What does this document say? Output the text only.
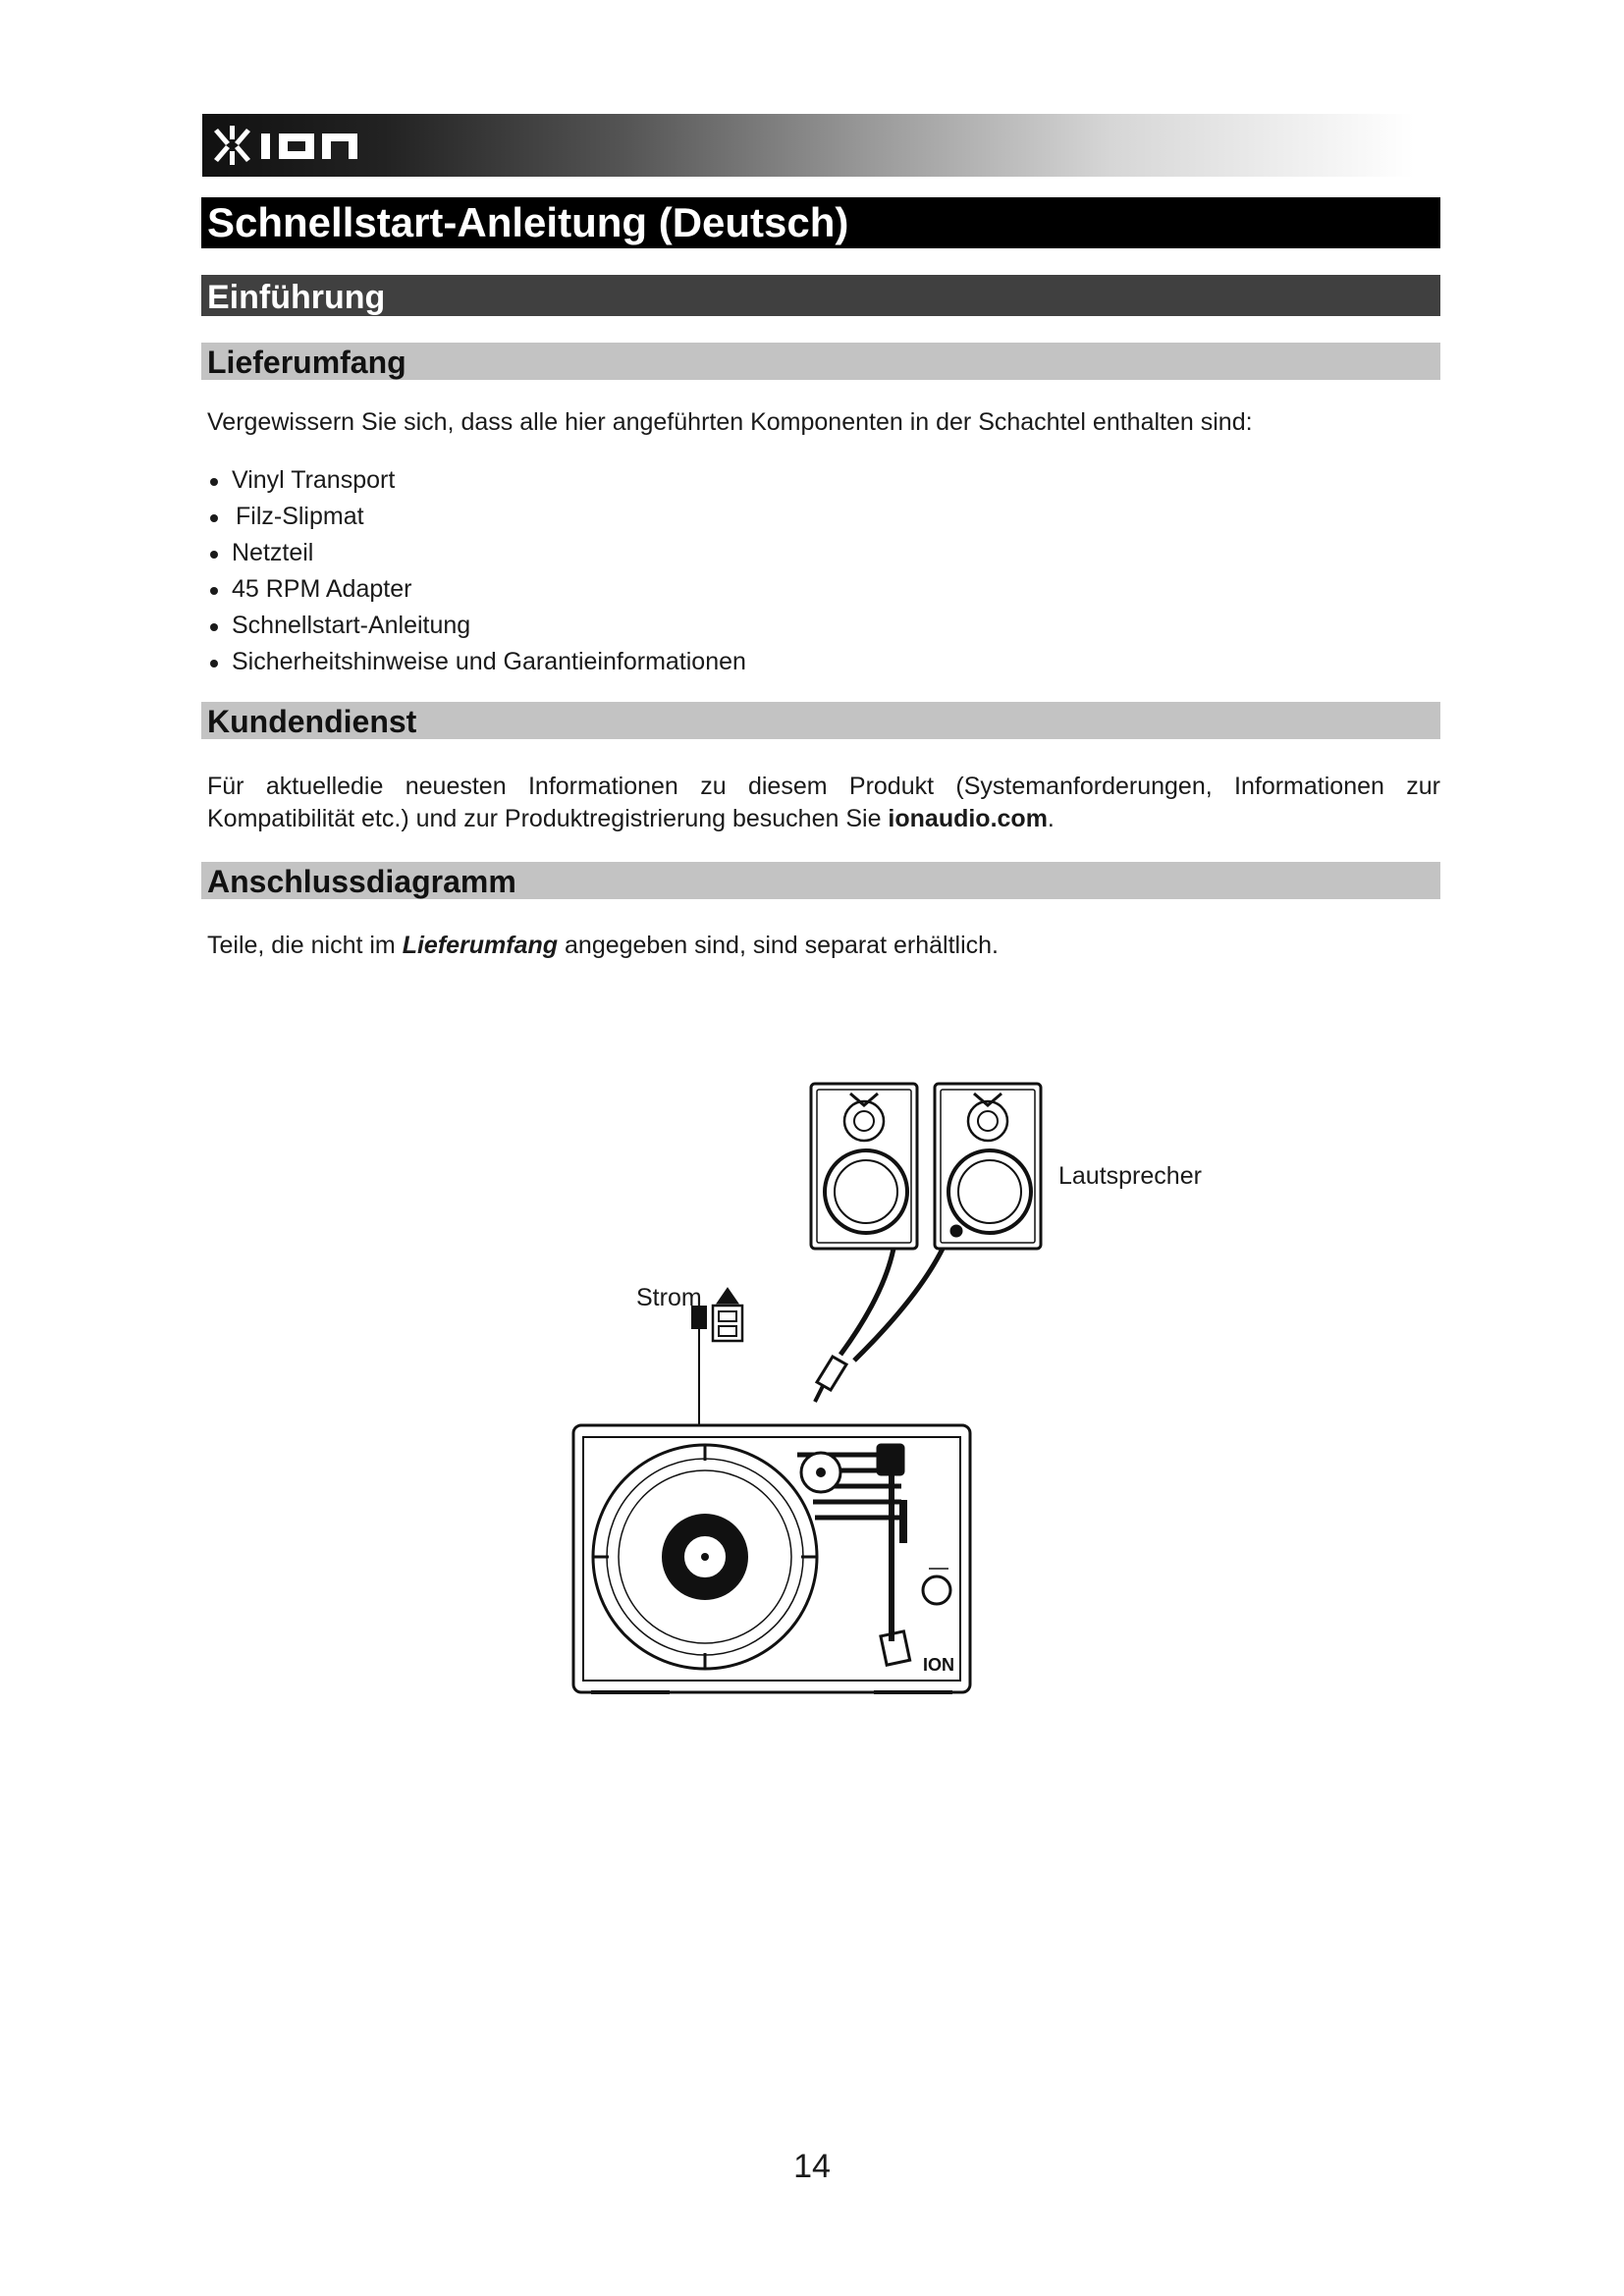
Schnellstart-Anleitung (Deutsch)
Einführung
Lieferumfang
Vergewissern Sie sich, dass alle hier angeführten Komponenten in der Schachtel enthalten sind:
Vinyl Transport
Filz-Slipmat
Netzteil
45 RPM Adapter
Schnellstart-Anleitung
Sicherheitshinweise und Garantieinformationen
Kundendienst
Für aktuelledie neuesten Informationen zu diesem Produkt (Systemanforderungen, Informationen zur Kompatibilität etc.) und zur Produktregistrierung besuchen Sie ionaudio.com.
Anschlussdiagramm
Teile, die nicht im Lieferumfang angegeben sind, sind separat erhältlich.
ION
Lautsprecher
Strom
14
